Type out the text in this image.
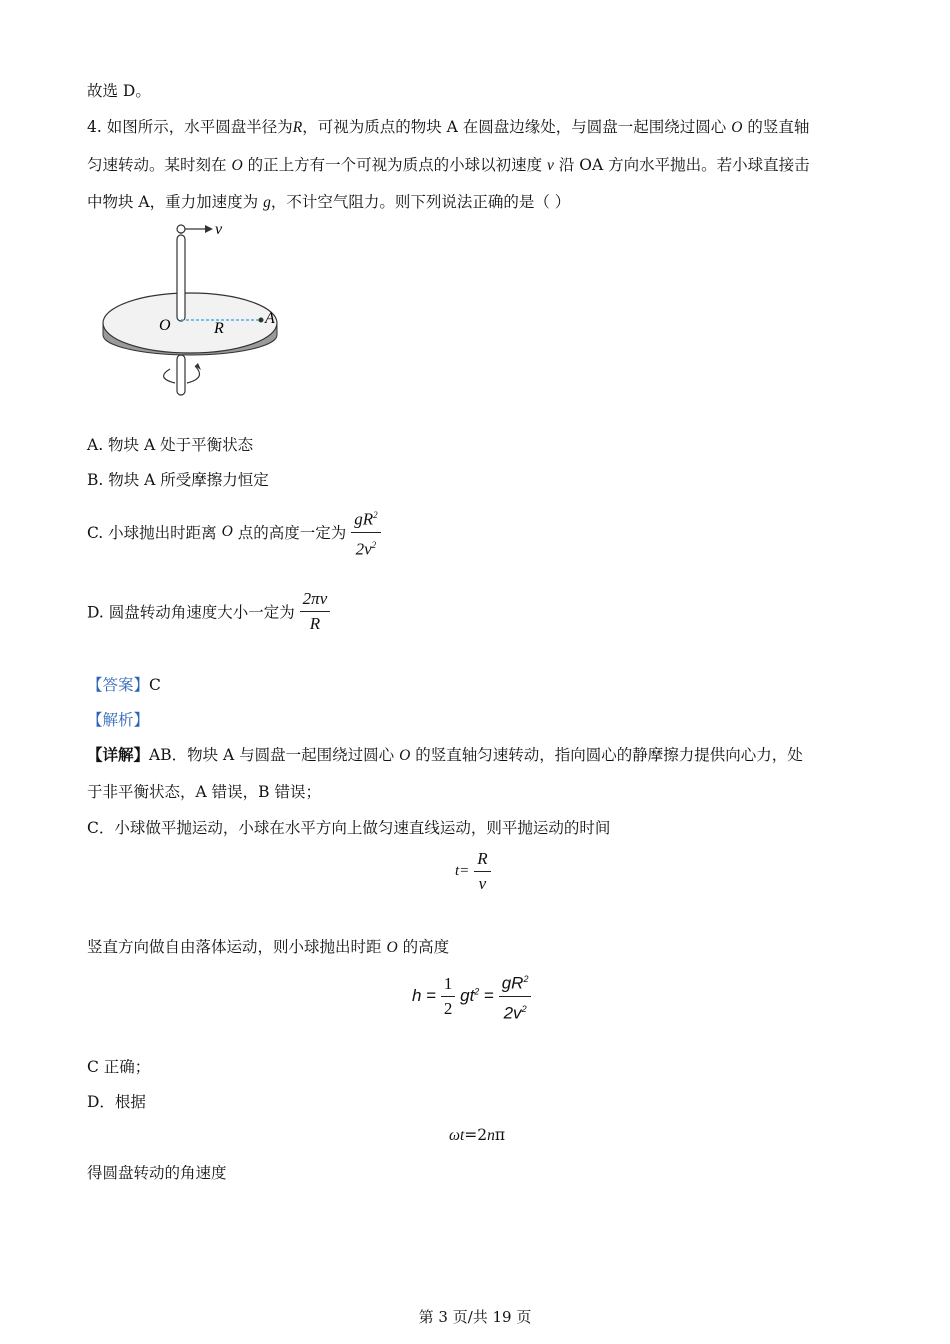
故选 D。
4. 如图所示，水平圆盘半径为R，可视为质点的物块 A 在圆盘边缘处，与圆盘一起围绕过圆心 O 的竖直轴
匀速转动。某时刻在 O 的正上方有一个可视为质点的小球以初速度 v 沿 OA 方向水平抛出。若小球直接击
中物块 A，重力加速度为 g，不计空气阻力。则下列说法正确的是（ ）
v
O	R
A
A. 物块 A 处于平衡状态
B. 物块 A 所受摩擦力恒定
C. 小球抛出时距离 O 点的高度一定为 $\frac{gR^2}{2v^2}$
D. 圆盘转动角速度大小一定为 $\frac{2\pi v}{R}$
【答案】C
【解析】
【详解】AB．物块 A 与圆盘一起围绕过圆心 O 的竖直轴匀速转动，指向圆心的静摩擦力提供向心力，处
于非平衡状态，A 错误，B 错误；
C．小球做平抛运动，小球在水平方向上做匀速直线运动，则平抛运动的时间
$t= \frac{R}{v}$
竖直方向做自由落体运动，则小球抛出时距 O 的高度
$h = \frac{1}{2} gt^2 = \frac{gR^2}{2v^2}$
C 正确；
D．根据
ωt=2nπ
得圆盘转动的角速度
第 3 页/共 19 页
